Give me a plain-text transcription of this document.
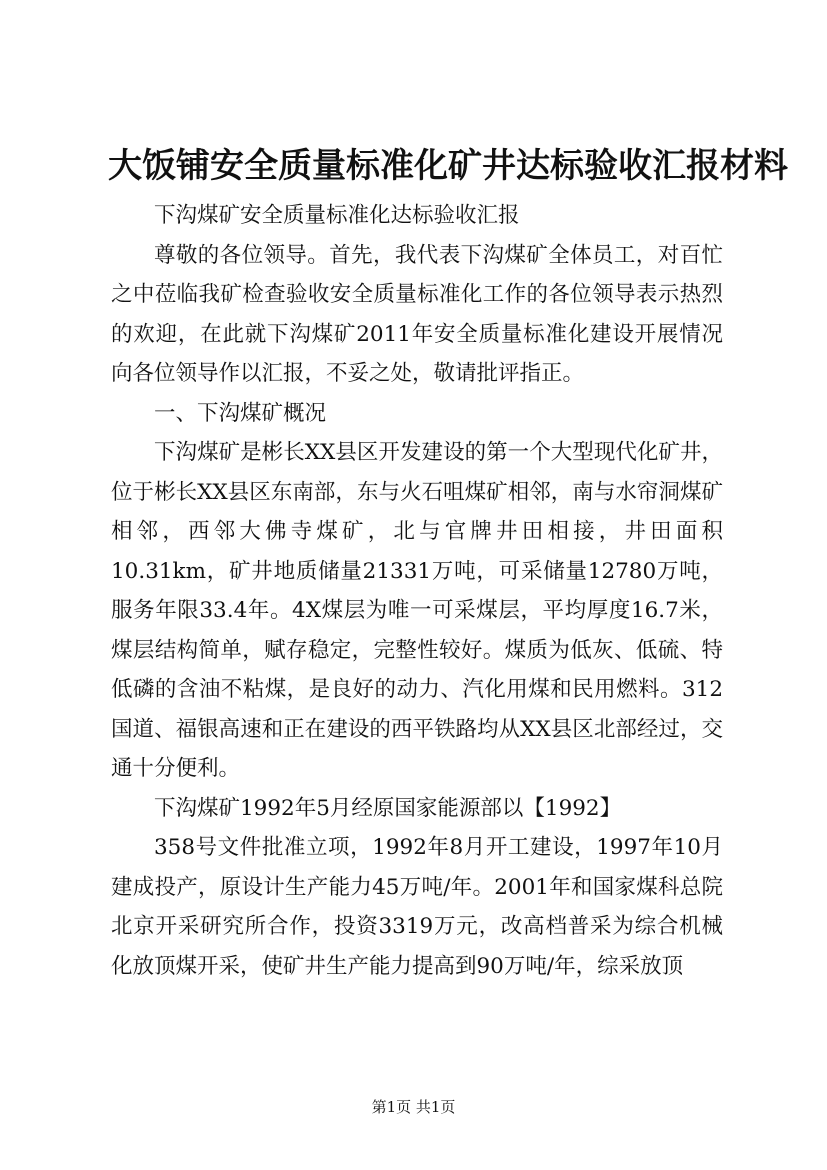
大饭铺安全质量标准化矿井达标验收汇报材料

下沟煤矿安全质量标准化达标验收汇报

尊敬的各位领导。首先，我代表下沟煤矿全体员工，对百忙之中莅临我矿检查验收安全质量标准化工作的各位领导表示热烈的欢迎，在此就下沟煤矿2011年安全质量标准化建设开展情况向各位领导作以汇报，不妥之处，敬请批评指正。

一、下沟煤矿概况

下沟煤矿是彬长XX县区开发建设的第一个大型现代化矿井，位于彬长XX县区东南部，东与火石咀煤矿相邻，南与水帘洞煤矿相邻，西邻大佛寺煤矿，北与官牌井田相接，井田面积10.31km，矿井地质储量21331万吨，可采储量12780万吨，服务年限33.4年。4X煤层为唯一可采煤层，平均厚度16.7米，煤层结构简单，赋存稳定，完整性较好。煤质为低灰、低硫、特低磷的含油不粘煤，是良好的动力、汽化用煤和民用燃料。312国道、福银高速和正在建设的西平铁路均从XX县区北部经过，交通十分便利。

下沟煤矿1992年5月经原国家能源部以【1992】

358号文件批准立项，1992年8月开工建设，1997年10月建成投产，原设计生产能力45万吨/年。2001年和国家煤科总院北京开采研究所合作，投资3319万元，改高档普采为综合机械化放顶煤开采，使矿井生产能力提高到90万吨/年，综采放顶

第1页 共1页
